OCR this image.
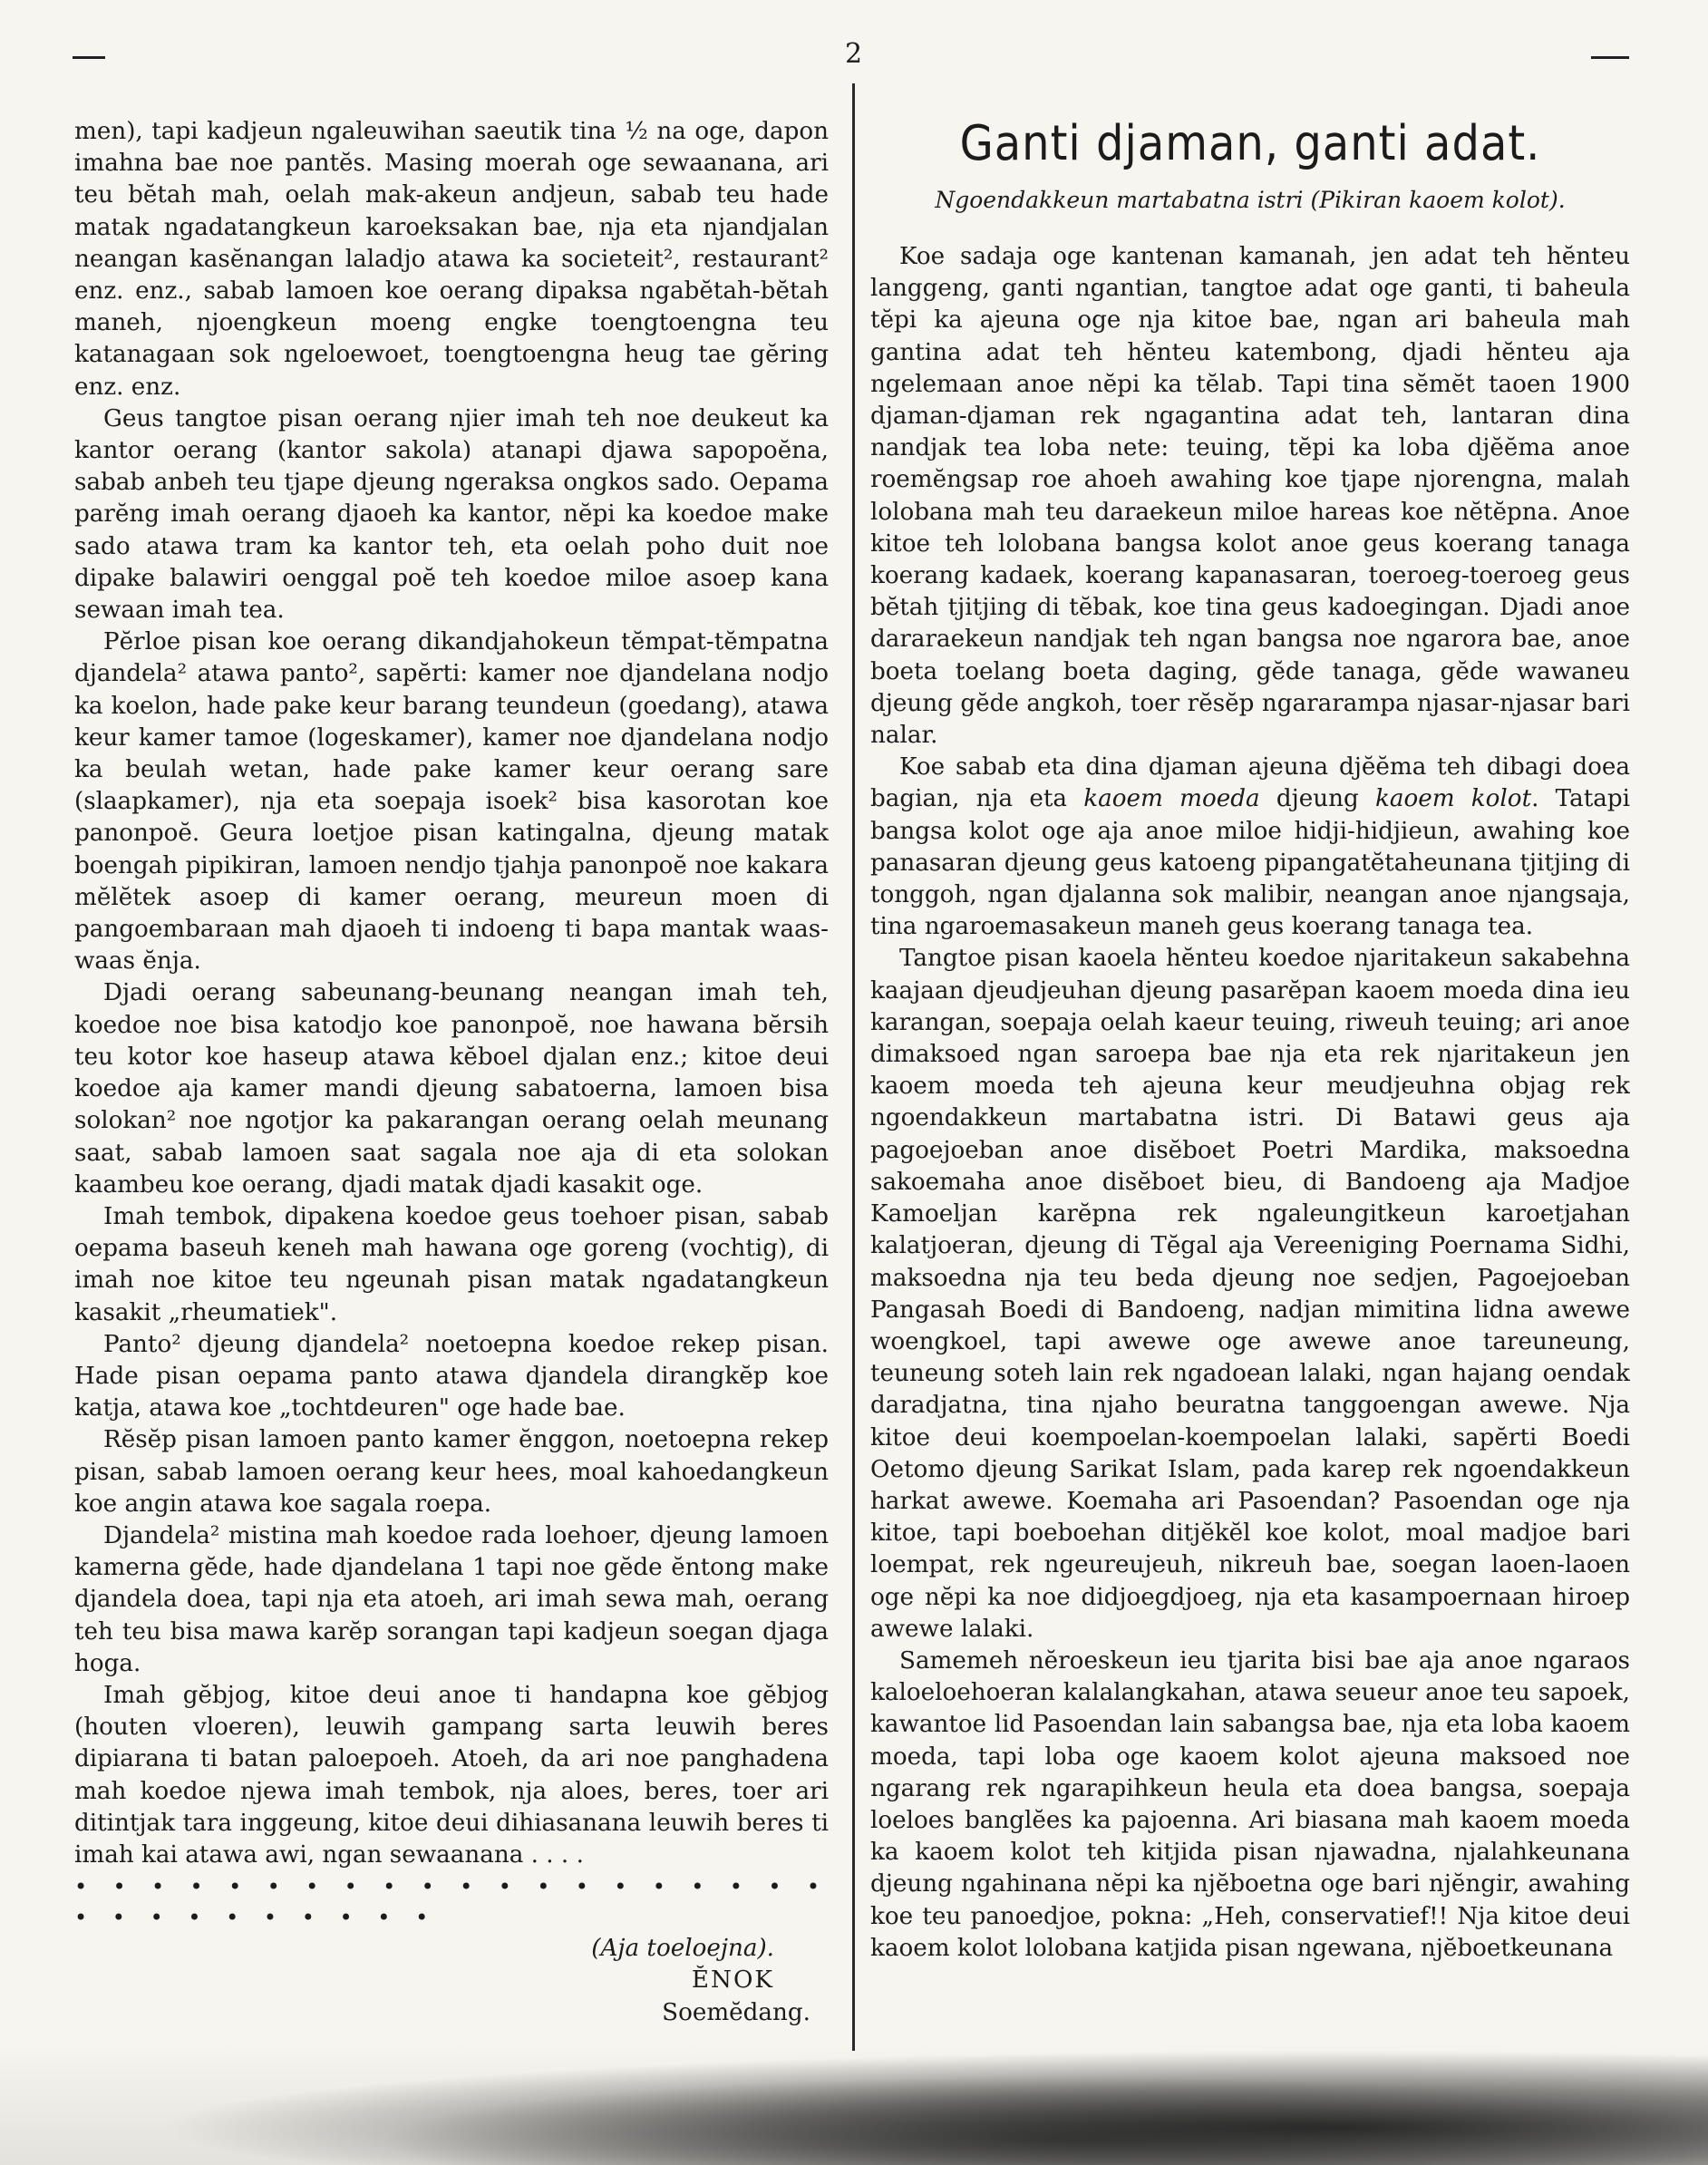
2

men), tapi kadjeun ngaleuwihan saeutik tina ½ na oge, dapon imahna bae noe pantĕs. Masing moerah oge sewaanana, ari teu bĕtah mah, oelah mak-akeun andjeun, sabab teu hade matak ngadatangkeun karoeksakan bae, nja eta njandjalan neangan kasĕnangan laladjo atawa ka societeit², restaurant² enz. enz., sabab lamoen koe oerang dipaksa ngabĕtah-bĕtah maneh, njoengkeun moeng engke toengtoengna teu katanagaan sok ngeloewoet, toengtoengna heug tae gĕring enz. enz.

Geus tangtoe pisan oerang njier imah teh noe deukeut ka kantor oerang (kantor sakola) atanapi djawa sapopoĕna, sabab anbeh teu tjape djeung ngeraksa ongkos sado. Oepama parĕng imah oerang djaoeh ka kantor, nĕpi ka koedoe make sado atawa tram ka kantor teh, eta oelah poho duit noe dipake balawiri oenggal poĕ teh koedoe miloe asoep kana sewaan imah tea.

Pĕrloe pisan koe oerang dikandjahokeun tĕmpat-tĕmpatna djandela² atawa panto², sapĕrti: kamer noe djandelana nodjo ka koelon, hade pake keur barang teundeun (goedang), atawa keur kamer tamoe (logeskamer), kamer noe djandelana nodjo ka beulah wetan, hade pake kamer keur oerang sare (slaapkamer), nja eta soepaja isoek² bisa kasorotan koe panonpoĕ. Geura loetjoe pisan katingalna, djeung matak boengah pipikiran, lamoen nendjo tjahja panonpoĕ noe kakara mĕlĕtek asoep di kamer oerang, meureun moen di pangoembaraan mah djaoeh ti indoeng ti bapa mantak waas-waas ĕnja.

Djadi oerang sabeunang-beunang neangan imah teh, koedoe noe bisa katodjo koe panonpoĕ, noe hawana bĕrsih teu kotor koe haseup atawa kĕboel djalan enz.; kitoe deui koedoe aja kamer mandi djeung sabatoerna, lamoen bisa solokan² noe ngotjor ka pakarangan oerang oelah meunang saat, sabab lamoen saat sagala noe aja di eta solokan kaambeu koe oerang, djadi matak djadi kasakit oge.

Imah tembok, dipakena koedoe geus toehoer pisan, sabab oepama baseuh keneh mah hawana oge goreng (vochtig), di imah noe kitoe teu ngeunah pisan matak ngadatangkeun kasakit „rheumatiek".

Panto² djeung djandela² noetoepna koedoe rekep pisan. Hade pisan oepama panto atawa djandela dirangkĕp koe katja, atawa koe „tochtdeuren" oge hade bae.

Rĕsĕp pisan lamoen panto kamer ĕnggon, noetoepna rekep pisan, sabab lamoen oerang keur hees, moal kahoedangkeun koe angin atawa koe sagala roepa.

Djandela² mistina mah koedoe rada loehoer, djeung lamoen kamerna gĕde, hade djandelana 1 tapi noe gĕde ĕntong make djandela doea, tapi nja eta atoeh, ari imah sewa mah, oerang teh teu bisa mawa karĕp sorangan tapi kadjeun soegan djaga hoga.

Imah gĕbjog, kitoe deui anoe ti handapna koe gĕbjog (houten vloeren), leuwih gampang sarta leuwih beres dipiarana ti batan paloepoeh. Atoeh, da ari noe panghadena mah koedoe njewa imah tembok, nja aloes, beres, toer ari ditintjak tara inggeung, kitoe deui dihiasanana leuwih beres ti imah kai atawa awi, ngan sewaanana . . . .

• • • • • • • • • • • • • • • • • • • • • • • • • • • • • •

(Aja toeloejna).

ĔNOK

Soemĕdang.

Ganti djaman, ganti adat.
Ngoendakkeun martabatna istri (Pikiran kaoem kolot).

Koe sadaja oge kantenan kamanah, jen adat teh hĕnteu langgeng, ganti ngantian, tangtoe adat oge ganti, ti baheula tĕpi ka ajeuna oge nja kitoe bae, ngan ari baheula mah gantina adat teh hĕnteu katembong, djadi hĕnteu aja ngelemaan anoe nĕpi ka tĕlab. Tapi tina sĕmĕt taoen 1900 djaman-djaman rek ngagantina adat teh, lantaran dina nandjak tea loba nete: teuing, tĕpi ka loba djĕĕma anoe roemĕngsap roe ahoeh awahing koe tjape njorengna, malah lolobana mah teu daraekeun miloe hareas koe nĕtĕpna. Anoe kitoe teh lolobana bangsa kolot anoe geus koerang tanaga koerang kadaek, koerang kapanasaran, toeroeg-toeroeg geus bĕtah tjitjing di tĕbak, koe tina geus kadoegingan. Djadi anoe dararaekeun nandjak teh ngan bangsa noe ngarora bae, anoe boeta toelang boeta daging, gĕde tanaga, gĕde wawaneu djeung gĕde angkoh, toer rĕsĕp ngararampa njasar-njasar bari nalar.

Koe sabab eta dina djaman ajeuna djĕĕma teh dibagi doea bagian, nja eta kaoem moeda djeung kaoem kolot. Tatapi bangsa kolot oge aja anoe miloe hidji-hidjieun, awahing koe panasaran djeung geus katoeng pipangatĕtaheunana tjitjing di tonggoh, ngan djalanna sok malibir, neangan anoe njangsaja, tina ngaroemasakeun maneh geus koerang tanaga tea.

Tangtoe pisan kaoela hĕnteu koedoe njaritakeun sakabehna kaajaan djeudjeuhan djeung pasarĕpan kaoem moeda dina ieu karangan, soepaja oelah kaeur teuing, riweuh teuing; ari anoe dimaksoed ngan saroepa bae nja eta rek njaritakeun jen kaoem moeda teh ajeuna keur meudjeuhna objag rek ngoendakkeun martabatna istri. Di Batawi geus aja pagoejoeban anoe disĕboet Poetri Mardika, maksoedna sakoemaha anoe disĕboet bieu, di Bandoeng aja Madjoe Kamoeljan karĕpna rek ngaleungitkeun karoetjahan kalatjoeran, djeung di Tĕgal aja Vereeniging Poernama Sidhi, maksoedna nja teu beda djeung noe sedjen, Pagoejoeban Pangasah Boedi di Bandoeng, nadjan mimitina lidna awewe woengkoel, tapi awewe oge awewe anoe tareuneung, teuneung soteh lain rek ngadoean lalaki, ngan hajang oendak daradjatna, tina njaho beuratna tanggoengan awewe. Nja kitoe deui koempoelan-koempoelan lalaki, sapĕrti Boedi Oetomo djeung Sarikat Islam, pada karep rek ngoendakkeun harkat awewe. Koemaha ari Pasoendan? Pasoendan oge nja kitoe, tapi boeboehan ditjĕkĕl koe kolot, moal madjoe bari loempat, rek ngeureujeuh, nikreuh bae, soegan laoen-laoen oge nĕpi ka noe didjoegdjoeg, nja eta kasampoernaan hiroep awewe lalaki.

Samemeh nĕroeskeun ieu tjarita bisi bae aja anoe ngaraos kaloeloehoeran kalalangkahan, atawa seueur anoe teu sapoek, kawantoe lid Pasoendan lain sabangsa bae, nja eta loba kaoem moeda, tapi loba oge kaoem kolot ajeuna maksoed noe ngarang rek ngarapihkeun heula eta doea bangsa, soepaja loeloes banglĕes ka pajoenna. Ari biasana mah kaoem moeda ka kaoem kolot teh kitjida pisan njawadna, njalahkeunana djeung ngahinana nĕpi ka njĕboetna oge bari njĕngir, awahing koe teu panoedjoe, pokna: „Heh, conservatief!! Nja kitoe deui kaoem kolot lolobana katjida pisan ngewana, njĕboetkeunana
